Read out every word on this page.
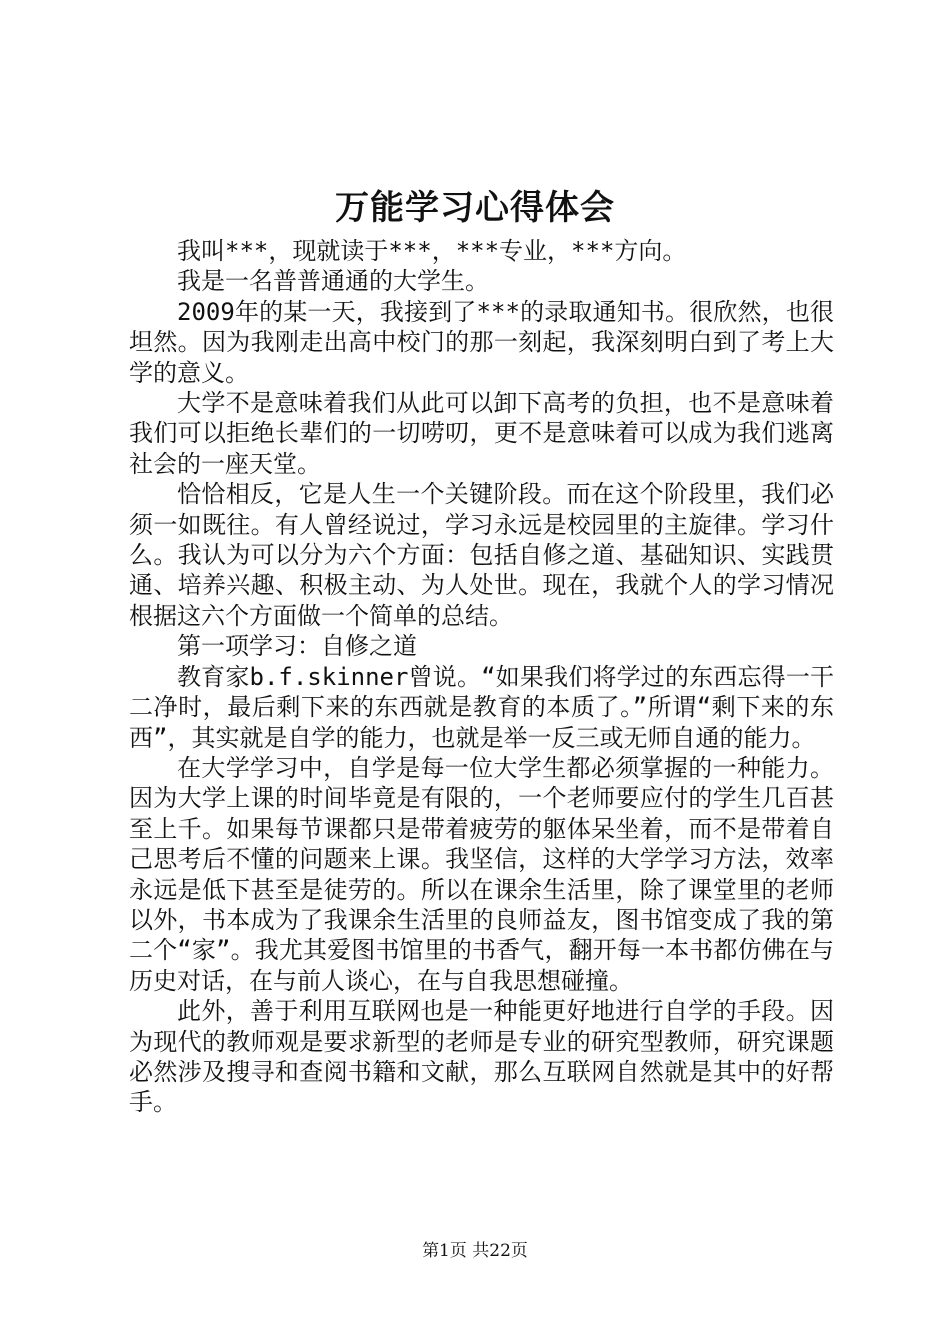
万能学习心得体会

我叫***，现就读于***，***专业，***方向。

我是一名普普通通的大学生。

2009年的某一天，我接到了***的录取通知书。很欣然，也很坦然。因为我刚走出高中校门的那一刻起，我深刻明白到了考上大学的意义。

大学不是意味着我们从此可以卸下高考的负担，也不是意味着我们可以拒绝长辈们的一切唠叨，更不是意味着可以成为我们逃离社会的一座天堂。

恰恰相反，它是人生一个关键阶段。而在这个阶段里，我们必须一如既往。有人曾经说过，学习永远是校园里的主旋律。学习什么。我认为可以分为六个方面：包括自修之道、基础知识、实践贯通、培养兴趣、积极主动、为人处世。现在，我就个人的学习情况根据这六个方面做一个简单的总结。

第一项学习：自修之道

教育家b.f.skinner曾说。“如果我们将学过的东西忘得一干二净时，最后剩下来的东西就是教育的本质了。”所谓“剩下来的东西”，其实就是自学的能力，也就是举一反三或无师自通的能力。

在大学学习中，自学是每一位大学生都必须掌握的一种能力。因为大学上课的时间毕竟是有限的，一个老师要应付的学生几百甚至上千。如果每节课都只是带着疲劳的躯体呆坐着，而不是带着自己思考后不懂的问题来上课。我坚信，这样的大学学习方法，效率永远是低下甚至是徒劳的。所以在课余生活里，除了课堂里的老师以外，书本成为了我课余生活里的良师益友，图书馆变成了我的第二个“家”。我尤其爱图书馆里的书香气，翻开每一本书都仿佛在与历史对话，在与前人谈心，在与自我思想碰撞。

此外，善于利用互联网也是一种能更好地进行自学的手段。因为现代的教师观是要求新型的老师是专业的研究型教师，研究课题必然涉及搜寻和查阅书籍和文献，那么互联网自然就是其中的好帮手。

第1页 共22页
